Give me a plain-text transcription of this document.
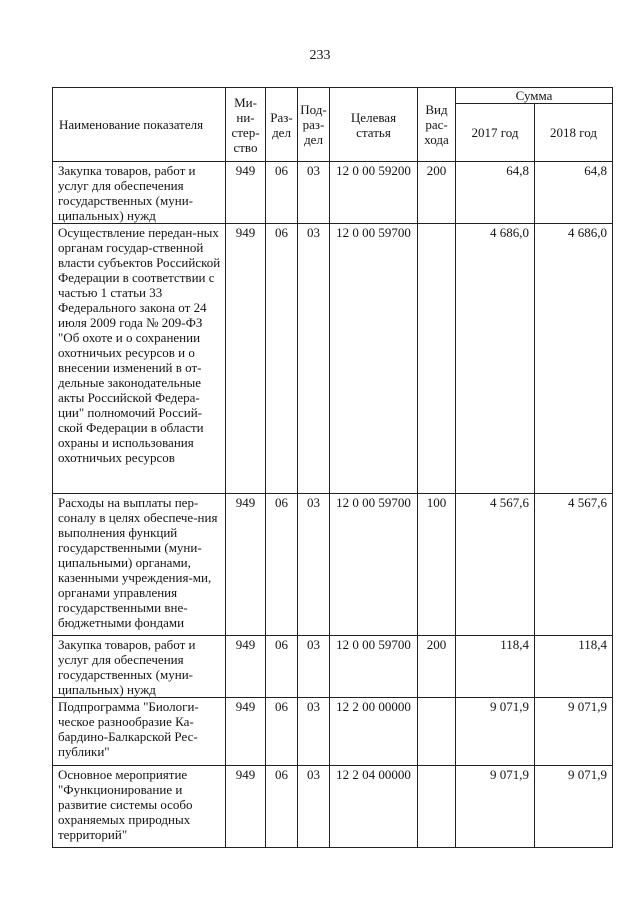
233
Наименование показателя	Ми-
ни-
стер-
ство	Раз-
дел	Под-
раз-
дел	Целевая
статья	Вид
рас-
хода	Сумма	
						2017 год	2018 год
Закупка товаров, работ и услуг для обеспечения государственных (муни-ципальных) нужд	949	06	03	12 0 00 59200	200	64,8	64,8
Осуществление передан-ных органам государ-ственной власти субъектов Российской Федерации в соответствии с частью 1 статьи 33 Федерального закона от 24 июля 2009 года № 209-ФЗ "Об охоте и о сохранении охотничьих ресурсов и о внесении изменений в от-дельные законодательные акты Российской Федера-ции" полномочий Россий-ской Федерации в области охраны и использования охотничьих ресурсов	949	06	03	12 0 00 59700		4 686,0	4 686,0
Расходы на выплаты пер-соналу в целях обеспече-ния выполнения функций государственными (муни-ципальными) органами, казенными учреждения-ми, органами управления государственными вне-бюджетными фондами	949	06	03	12 0 00 59700	100	4 567,6	4 567,6
Закупка товаров, работ и услуг для обеспечения государственных (муни-ципальных) нужд	949	06	03	12 0 00 59700	200	118,4	118,4
Подпрограмма "Биологи-ческое разнообразие Ка-бардино-Балкарской Рес-публики"	949	06	03	12 2 00 00000		9 071,9	9 071,9
Основное мероприятие "Функционирование и развитие системы особо охраняемых природных территорий"	949	06	03	12 2 04 00000		9 071,9	9 071,9
